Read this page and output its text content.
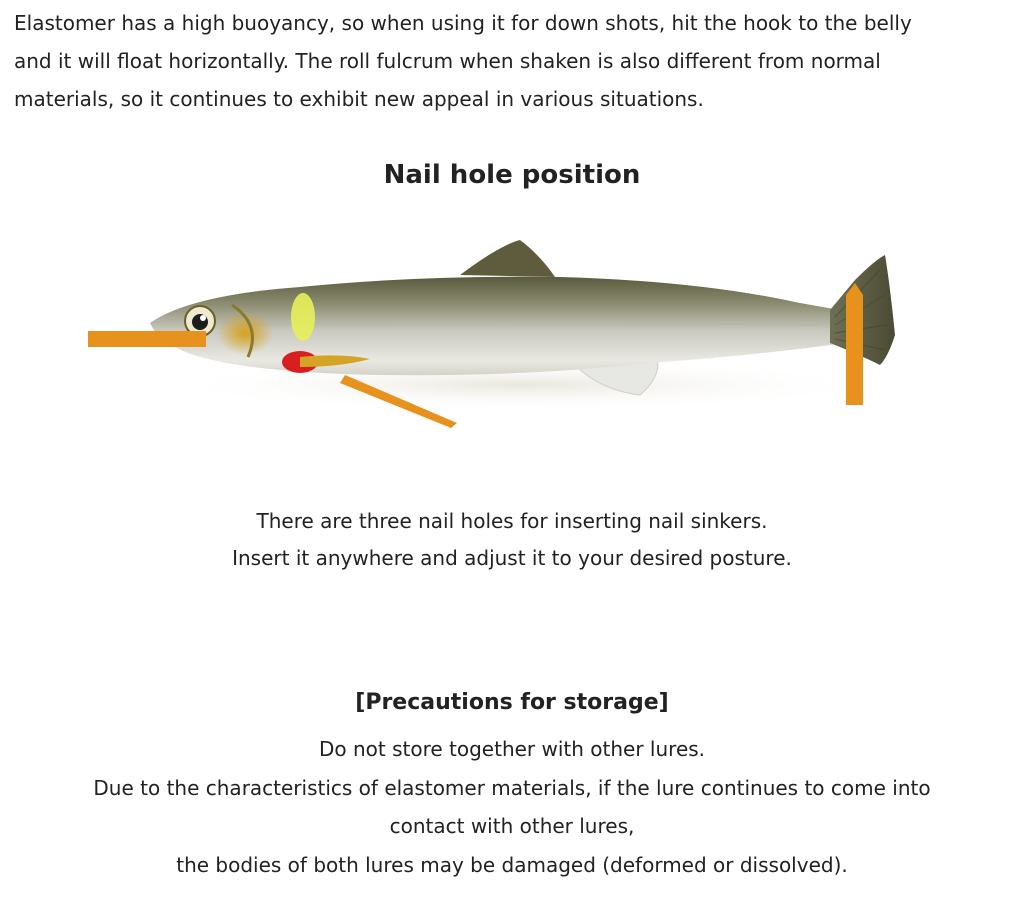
Elastomer has a high buoyancy, so when using it for down shots, hit the hook to the belly
and it will float horizontally. The roll fulcrum when shaken is also different from normal
materials, so it continues to exhibit new appeal in various situations.

Nail hole position
There are three nail holes for inserting nail sinkers.
Insert it anywhere and adjust it to your desired posture.
[Precautions for storage]
Do not store together with other lures.
Due to the characteristics of elastomer materials, if the lure continues to come into
contact with other lures,
the bodies of both lures may be damaged (deformed or dissolved).
